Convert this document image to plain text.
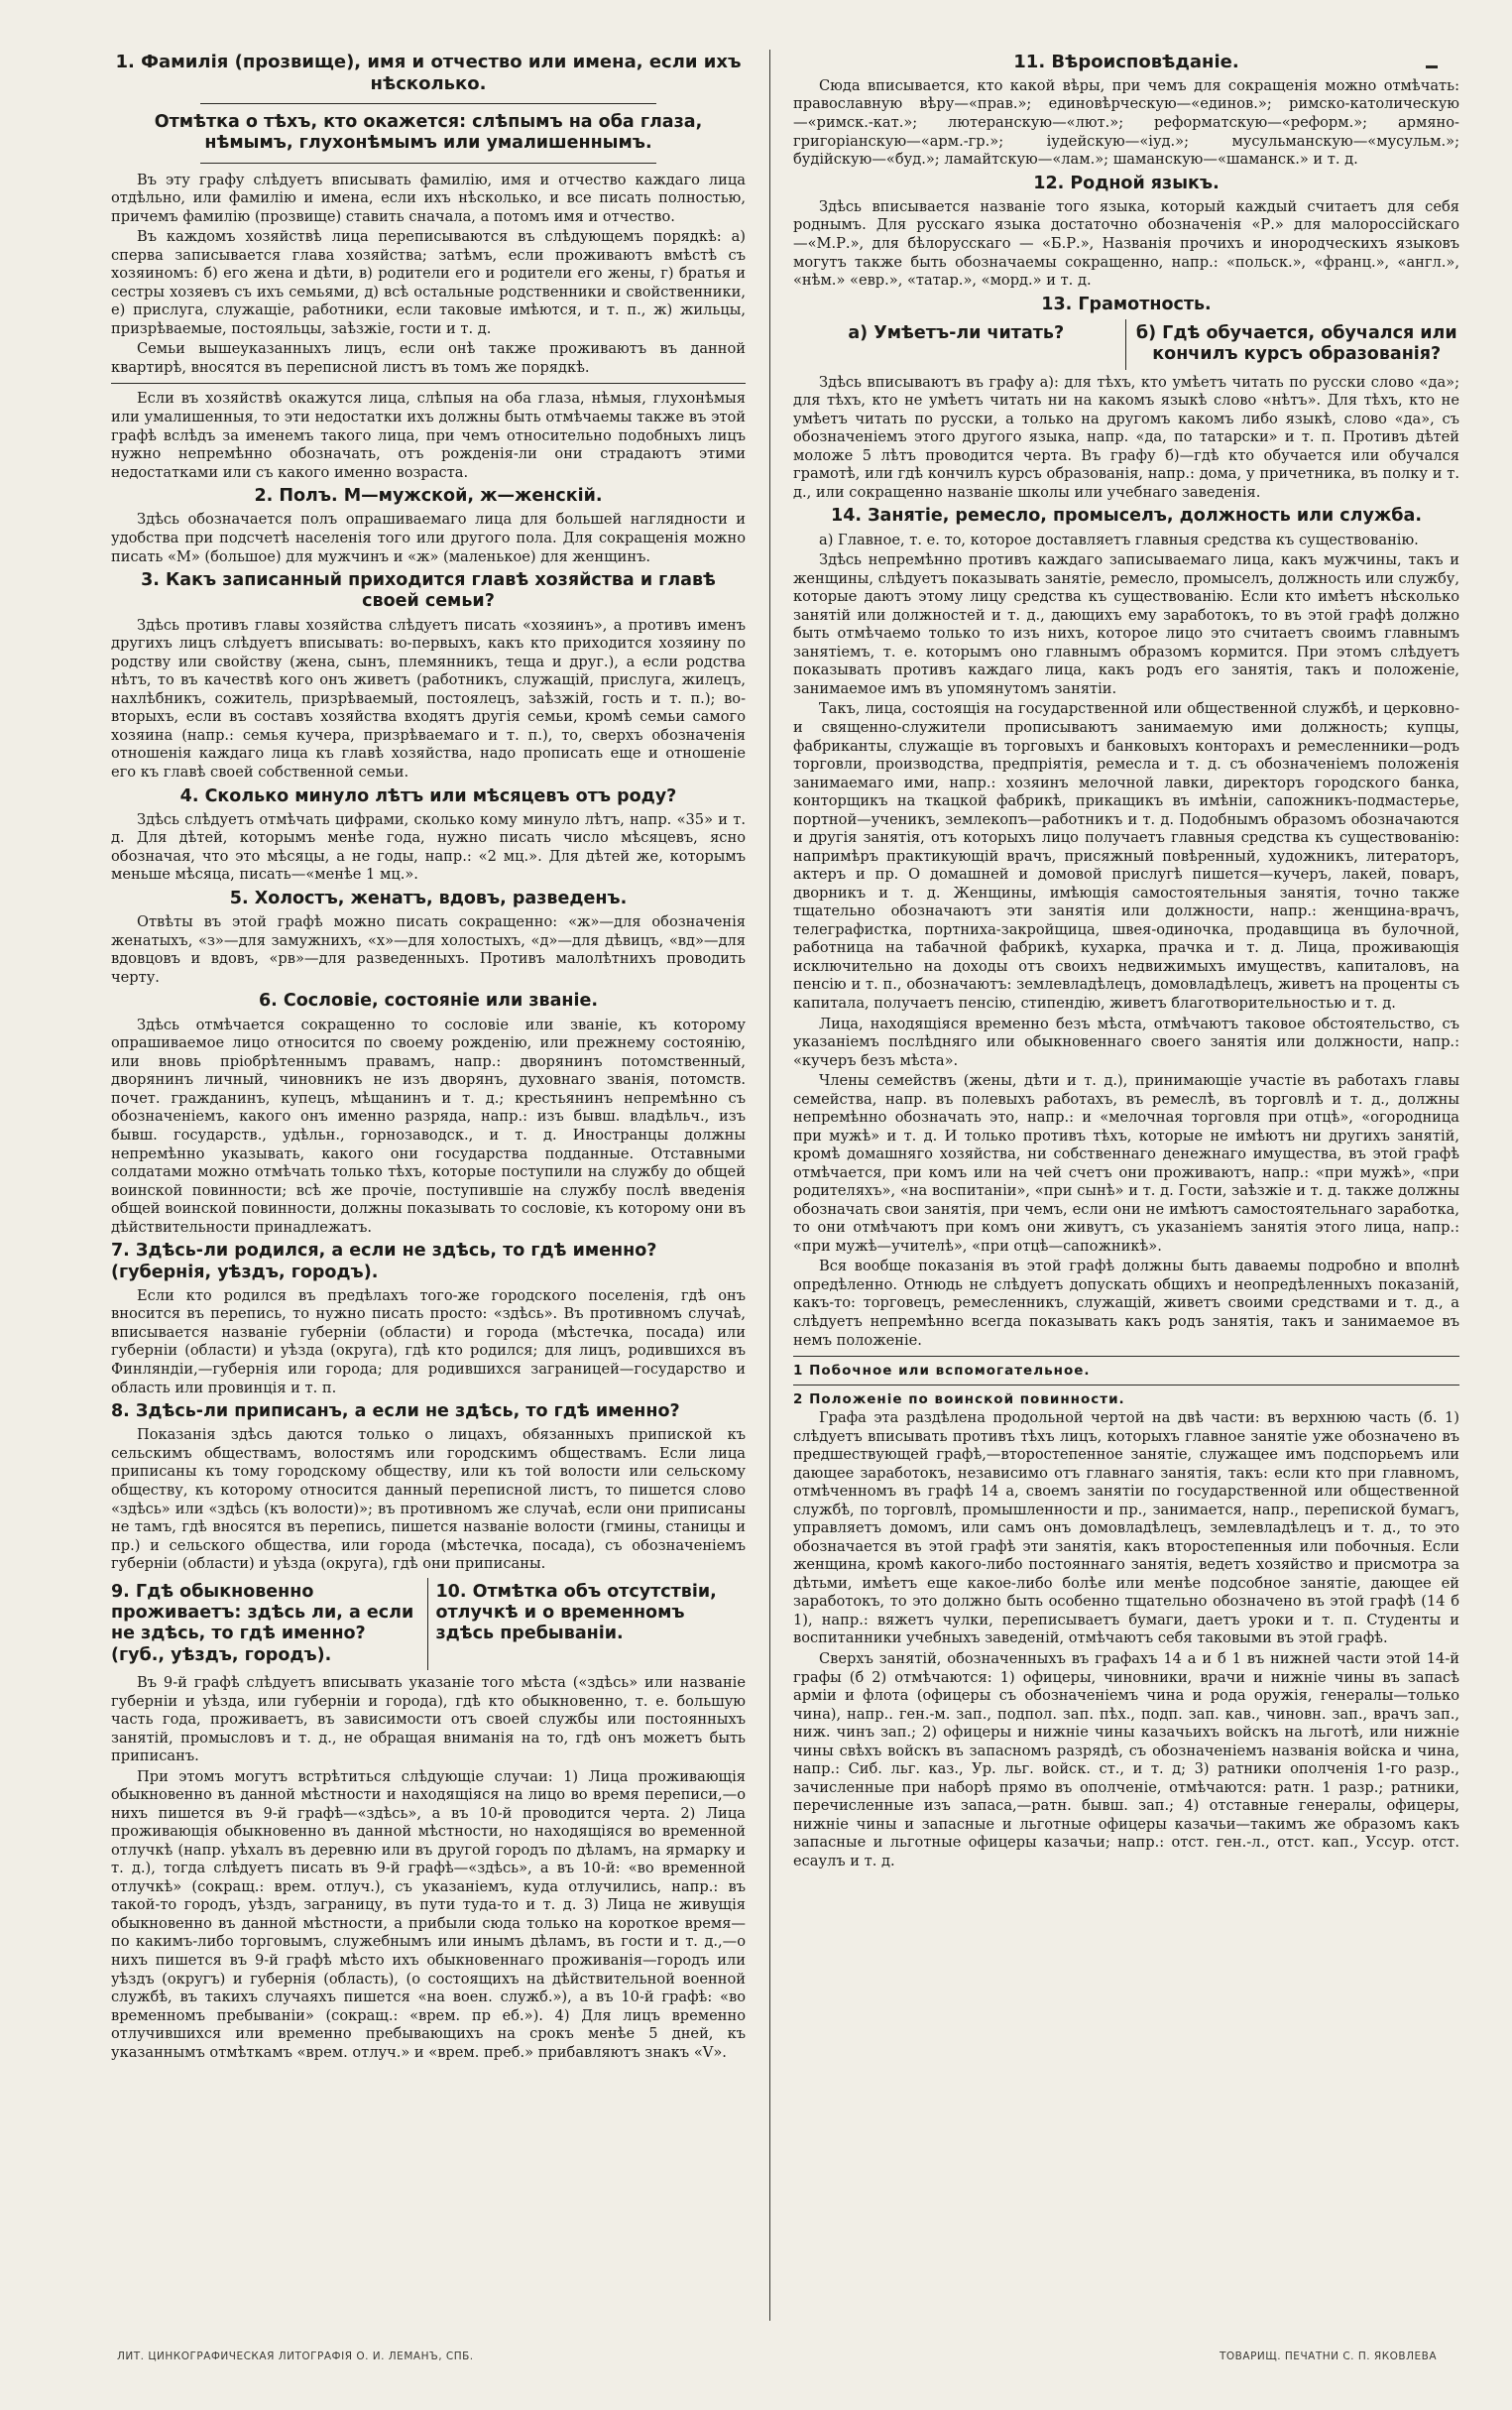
1. Фамилія (прозвище), имя и отчество или имена, если ихъ нѣсколько.
Отмѣтка о тѣхъ, кто окажется: слѣпымъ на оба глаза, нѣмымъ, глухонѣмымъ или умалишеннымъ.

Въ эту графу слѣдуетъ вписывать фамилію, имя и отчество каждаго лица отдѣльно, или фамилію и имена, если ихъ нѣсколько, и все писать полностью, причемъ фамилію (прозвище) ставить сначала, а потомъ имя и отчество.

Въ каждомъ хозяйствѣ лица переписываются въ слѣдующемъ порядкѣ: а) сперва записывается глава хозяйства; затѣмъ, если проживаютъ вмѣстѣ съ хозяиномъ: б) его жена и дѣти, в) родители его и родители его жены, г) братья и сестры хозяевъ съ ихъ семьями, д) всѣ остальные родственники и свойственники, е) прислуга, служащіе, работники, если таковые имѣются, и т. п., ж) жильцы, призрѣваемые, постояльцы, заѣзжіе, гости и т. д.

Семьи вышеуказанныхъ лицъ, если онѣ также проживаютъ въ данной квартирѣ, вносятся въ переписной листъ въ томъ же порядкѣ.

Если въ хозяйствѣ окажутся лица, слѣпыя на оба глаза, нѣмыя, глухонѣмыя или умалишенныя, то эти недостатки ихъ должны быть отмѣчаемы также въ этой графѣ вслѣдъ за именемъ такого лица, при чемъ относительно подобныхъ лицъ нужно непремѣнно обозначать, отъ рожденія-ли они страдаютъ этими недостатками или съ какого именно возраста.

2. Полъ. М—мужской, ж—женскій.

Здѣсь обозначается полъ опрашиваемаго лица для большей наглядности и удобства при подсчетѣ населенія того или другого пола. Для сокращенія можно писать «М» (большое) для мужчинъ и «ж» (маленькое) для женщинъ.

3. Какъ записанный приходится главѣ хозяйства и главѣ своей семьи?

Здѣсь противъ главы хозяйства слѣдуетъ писать «хозяинъ», а противъ именъ другихъ лицъ слѣдуетъ вписывать: во-первыхъ, какъ кто приходится хозяину по родству или свойству (жена, сынъ, племянникъ, теща и друг.), а если родства нѣтъ, то въ качествѣ кого онъ живетъ (работникъ, служащій, прислуга, жилецъ, нахлѣбникъ, сожитель, призрѣваемый, постоялецъ, заѣзжій, гость и т. п.); во-вторыхъ, если въ составъ хозяйства входятъ другія семьи, кромѣ семьи самого хозяина (напр.: семья кучера, призрѣваемаго и т. п.), то, сверхъ обозначенія отношенія каждаго лица къ главѣ хозяйства, надо прописать еще и отношеніе его къ главѣ своей собственной семьи.

4. Сколько минуло лѣтъ или мѣсяцевъ отъ роду?

Здѣсь слѣдуетъ отмѣчать цифрами, сколько кому минуло лѣтъ, напр. «35» и т. д. Для дѣтей, которымъ менѣе года, нужно писать число мѣсяцевъ, ясно обозначая, что это мѣсяцы, а не годы, напр.: «2 мц.». Для дѣтей же, которымъ меньше мѣсяца, писать—«менѣе 1 мц.».

5. Холостъ, женатъ, вдовъ, разведенъ.

Отвѣты въ этой графѣ можно писать сокращенно: «ж»—для обозначенія женатыхъ, «з»—для замужнихъ, «х»—для холостыхъ, «д»—для дѣвицъ, «вд»—для вдовцовъ и вдовъ, «рв»—для разведенныхъ. Противъ малолѣтнихъ проводить черту.

6. Сословіе, состояніе или званіе.

Здѣсь отмѣчается сокращенно то сословіе или званіе, къ которому опрашиваемое лицо относится по своему рожденію, или прежнему состоянію, или вновь пріобрѣтеннымъ правамъ, напр.: дворянинъ потомственный, дворянинъ личный, чиновникъ не изъ дворянъ, духовнаго званія, потомств. почет. гражданинъ, купецъ, мѣщанинъ и т. д.; крестьянинъ непремѣнно съ обозначеніемъ, какого онъ именно разряда, напр.: изъ бывш. владѣльч., изъ бывш. государств., удѣльн., горнозаводск., и т. д. Иностранцы должны непремѣнно указывать, какого они государства подданные. Отставными солдатами можно отмѣчать только тѣхъ, которые поступили на службу до общей воинской повинности; всѣ же прочіе, поступившіе на службу послѣ введенія общей воинской повинности, должны показывать то сословіе, къ которому они въ дѣйствительности принадлежатъ.

7. Здѣсь-ли родился, а если не здѣсь, то гдѣ именно? (губернія, уѣздъ, городъ).

Если кто родился въ предѣлахъ того-же городского поселенія, гдѣ онъ вносится въ перепись, то нужно писать просто: «здѣсь». Въ противномъ случаѣ, вписывается названіе губерніи (области) и города (мѣстечка, посада) или губерніи (области) и уѣзда (округа), гдѣ кто родился; для лицъ, родившихся въ Финляндіи,—губернія или города; для родившихся заграницей—государство и область или провинція и т. п.

8. Здѣсь-ли приписанъ, а если не здѣсь, то гдѣ именно?

Показанія здѣсь даются только о лицахъ, обязанныхъ припиской къ сельскимъ обществамъ, волостямъ или городскимъ обществамъ. Если лица приписаны къ тому городскому обществу, или къ той волости или сельскому обществу, къ которому относится данный переписной листъ, то пишется слово «здѣсь» или «здѣсь (къ волости)»; въ противномъ же случаѣ, если они приписаны не тамъ, гдѣ вносятся въ перепись, пишется названіе волости (гмины, станицы и пр.) и сельского общества, или города (мѣстечка, посада), съ обозначеніемъ губерніи (области) и уѣзда (округа), гдѣ они приписаны.

9. Гдѣ обыкновенно проживаетъ: здѣсь ли, а если не здѣсь, то гдѣ именно? (губ., уѣздъ, городъ).
10. Отмѣтка объ отсутствіи, отлучкѣ и о временномъ здѣсь пребываніи.

Въ 9-й графѣ слѣдуетъ вписывать указаніе того мѣста («здѣсь» или названіе губерніи и уѣзда, или губерніи и города), гдѣ кто обыкновенно, т. е. большую часть года, проживаетъ, въ зависимости отъ своей службы или постоянныхъ занятій, промысловъ и т. д., не обращая вниманія на то, гдѣ онъ можетъ быть приписанъ.

При этомъ могутъ встрѣтиться слѣдующіе случаи: 1) Лица проживающія обыкновенно въ данной мѣстности и находящіяся на лицо во время переписи,—о нихъ пишется въ 9-й графѣ—«здѣсь», а въ 10-й проводится черта. 2) Лица проживающія обыкновенно въ данной мѣстности, но находящіяся во временной отлучкѣ (напр. уѣхалъ въ деревню или въ другой городъ по дѣламъ, на ярмарку и т. д.), тогда слѣдуетъ писать въ 9-й графѣ—«здѣсь», а въ 10-й: «во временной отлучкѣ» (сокращ.: врем. отлуч.), съ указаніемъ, куда отлучились, напр.: въ такой-то городъ, уѣздъ, заграницу, въ пути туда-то и т. д. 3) Лица не живущія обыкновенно въ данной мѣстности, а прибыли сюда только на короткое время—по какимъ-либо торговымъ, служебнымъ или инымъ дѣламъ, въ гости и т. д.,—о нихъ пишется въ 9-й графѣ мѣсто ихъ обыкновеннаго проживанія—городъ или уѣздъ (округъ) и губернія (область), (о состоящихъ на дѣйствительной военной службѣ, въ такихъ случаяхъ пишется «на воен. служб.»), а въ 10-й графѣ: «во временномъ пребываніи» (сокращ.: «врем. пр еб.»). 4) Для лицъ временно отлучившихся или временно пребывающихъ на срокъ менѣе 5 дней, къ указаннымъ отмѣткамъ «врем. отлуч.» и «врем. преб.» прибавляютъ знакъ «V».

11. Вѣроисповѣданіе.

Сюда вписывается, кто какой вѣры, при чемъ для сокращенія можно отмѣчать: православную вѣру—«прав.»; единовѣрческую—«единов.»; римско-католическую—«римск.-кат.»; лютеранскую—«лют.»; реформатскую—«реформ.»; армяно-григоріанскую—«арм.-гр.»; іудейскую—«іуд.»; мусульманскую—«мусульм.»; будійскую—«буд.»; ламайтскую—«лам.»; шаманскую—«шаманск.» и т. д.

12. Родной языкъ.

Здѣсь вписывается названіе того языка, который каждый считаетъ для себя роднымъ. Для русскаго языка достаточно обозначенія «Р.» для малороссійскаго—«М.Р.», для бѣлорусскаго — «Б.Р.», Названія прочихъ и инородческихъ языковъ могутъ также быть обозначаемы сокращенно, напр.: «польск.», «франц.», «англ.», «нѣм.» «евр.», «татар.», «морд.» и т. д.

13. Грамотность.
а) Умѣетъ-ли читать?	б) Гдѣ обучается, обучался или кончилъ курсъ образованія?

Здѣсь вписываютъ въ графу а): для тѣхъ, кто умѣетъ читать по русски слово «да»; для тѣхъ, кто не умѣетъ читать ни на какомъ языкѣ слово «нѣтъ». Для тѣхъ, кто не умѣетъ читать по русски, а только на другомъ какомъ либо языкѣ, слово «да», съ обозначеніемъ этого другого языка, напр. «да, по татарски» и т. п. Противъ дѣтей моложе 5 лѣтъ проводится черта. Въ графу б)—гдѣ кто обучается или обучался грамотѣ, или гдѣ кончилъ курсъ образованія, напр.: дома, у причетника, въ полку и т. д., или сокращенно названіе школы или учебнаго заведенія.

14. Занятіе, ремесло, промыселъ, должность или служба.

а) Главное, т. е. то, которое доставляетъ главныя средства къ существованію.

Здѣсь непремѣнно противъ каждаго записываемаго лица, какъ мужчины, такъ и женщины, слѣдуетъ показывать занятіе, ремесло, промыселъ, должность или службу, которые даютъ этому лицу средства къ существованію. Если кто имѣетъ нѣсколько занятій или должностей и т. д., дающихъ ему заработокъ, то въ этой графѣ должно быть отмѣчаемо только то изъ нихъ, которое лицо это считаетъ своимъ главнымъ занятіемъ, т. е. которымъ оно главнымъ образомъ кормится. При этомъ слѣдуетъ показывать противъ каждаго лица, какъ родъ его занятія, такъ и положеніе, занимаемое имъ въ упомянутомъ занятіи.

Такъ, лица, состоящія на государственной или общественной службѣ, и церковно-и священно-служители прописываютъ занимаемую ими должность; купцы, фабриканты, служащіе въ торговыхъ и банковыхъ конторахъ и ремесленники—родъ торговли, производства, предпріятія, ремесла и т. д. съ обозначеніемъ положенія занимаемаго ими, напр.: хозяинъ мелочной лавки, директоръ городского банка, конторщикъ на ткацкой фабрикѣ, прикащикъ въ имѣніи, сапожникъ-подмастерье, портной—ученикъ, землекопъ—работникъ и т. д. Подобнымъ образомъ обозначаются и другія занятія, отъ которыхъ лицо получаетъ главныя средства къ существованію: напримѣръ практикующій врачъ, присяжный повѣренный, художникъ, литераторъ, актеръ и пр. О домашней и домовой прислугѣ пишется—кучеръ, лакей, поваръ, дворникъ и т. д. Женщины, имѣющія самостоятельныя занятія, точно также тщательно обозначаютъ эти занятія или должности, напр.: женщина-врачъ, телеграфистка, портниха-закройщица, швея-одиночка, продавщица въ булочной, работница на табачной фабрикѣ, кухарка, прачка и т. д. Лица, проживающія исключительно на доходы отъ своихъ недвижимыхъ имуществъ, капиталовъ, на пенсію и т. п., обозначаютъ: землевладѣлецъ, домовладѣлецъ, живетъ на проценты съ капитала, получаетъ пенсію, стипендію, живетъ благотворительностью и т. д.

Лица, находящіяся временно безъ мѣста, отмѣчаютъ таковое обстоятельство, съ указаніемъ послѣдняго или обыкновеннаго своего занятія или должности, напр.: «кучеръ безъ мѣста».

Члены семействъ (жены, дѣти и т. д.), принимающіе участіе въ работахъ главы семейства, напр. въ полевыхъ работахъ, въ ремеслѣ, въ торговлѣ и т. д., должны непремѣнно обозначать это, напр.: и «мелочная торговля при отцѣ», «огородница при мужѣ» и т. д. И только противъ тѣхъ, которые не имѣютъ ни другихъ занятій, кромѣ домашняго хозяйства, ни собственнаго денежнаго имущества, въ этой графѣ отмѣчается, при комъ или на чей счетъ они проживаютъ, напр.: «при мужѣ», «при родителяхъ», «на воспитаніи», «при сынѣ» и т. д. Гости, заѣзжіе и т. д. также должны обозначать свои занятія, при чемъ, если они не имѣютъ самостоятельнаго заработка, то они отмѣчаютъ при комъ они живутъ, съ указаніемъ занятія этого лица, напр.: «при мужѣ—учителѣ», «при отцѣ—сапожникѣ».

Вся вообще показанія въ этой графѣ должны быть даваемы подробно и вполнѣ опредѣленно. Отнюдь не слѣдуетъ допускать общихъ и неопредѣленныхъ показаній, какъ-то: торговецъ, ремесленникъ, служащій, живетъ своими средствами и т. д., а слѣдуетъ непремѣнно всегда показывать какъ родъ занятія, такъ и занимаемое въ немъ положеніе.

1 Побочное или вспомогательное.
2 Положеніе по воинской повинности.

Графа эта раздѣлена продольной чертой на двѣ части: въ верхнюю часть (б. 1) слѣдуетъ вписывать противъ тѣхъ лицъ, которыхъ главное занятіе уже обозначено въ предшествующей графѣ,—второстепенное занятіе, служащее имъ подспорьемъ или дающее заработокъ, независимо отъ главнаго занятія, такъ: если кто при главномъ, отмѣченномъ въ графѣ 14 а, своемъ занятіи по государственной или общественной службѣ, по торговлѣ, промышленности и пр., занимается, напр., перепиской бумагъ, управляетъ домомъ, или самъ онъ домовладѣлецъ, землевладѣлецъ и т. д., то это обозначается въ этой графѣ эти занятія, какъ второстепенныя или побочныя. Если женщина, кромѣ какого-либо постояннаго занятія, ведетъ хозяйство и присмотра за дѣтьми, имѣетъ еще какое-либо болѣе или менѣе подсобное занятіе, дающее ей заработокъ, то это должно быть особенно тщательно обозначено въ этой графѣ (14 б 1), напр.: вяжетъ чулки, переписываетъ бумаги, даетъ уроки и т. п. Студенты и воспитанники учебныхъ заведеній, отмѣчаютъ себя таковыми въ этой графѣ.

Сверхъ занятій, обозначенныхъ въ графахъ 14 а и б 1 въ нижней части этой 14-й графы (б 2) отмѣчаются: 1) офицеры, чиновники, врачи и нижніе чины въ запасѣ арміи и флота (офицеры съ обозначеніемъ чина и рода оружія, генералы—только чина), напр.. ген.-м. зап., подпол. зап. пѣх., подп. зап. кав., чиновн. зап., врачъ зап., ниж. чинъ зап.; 2) офицеры и нижніе чины казачьихъ войскъ на льготѣ, или нижніе чины свѣхъ войскъ въ запасномъ разрядѣ, съ обозначеніемъ названія войска и чина, напр.: Сиб. льг. каз., Ур. льг. войск. ст., и т. д; 3) ратники ополченія 1-го разр., зачисленные при наборѣ прямо въ ополченіе, отмѣчаются: ратн. 1 разр.; ратники, перечисленные изъ запаса,—ратн. бывш. зап.; 4) отставные генералы, офицеры, нижніе чины и запасные и льготные офицеры казачьи—такимъ же образомъ какъ запасные и льготные офицеры казачьи; напр.: отст. ген.-л., отст. кап., Уссур. отст. есаулъ и т. д.

ЛИТ. ЦИНКОГРАФИЧЕСКАЯ ЛИТОГРАФІЯ О. И. ЛЕМАНЪ, СПБ.	ТОВАРИЩ. ПЕЧАТНИ С. П. ЯКОВЛЕВА
